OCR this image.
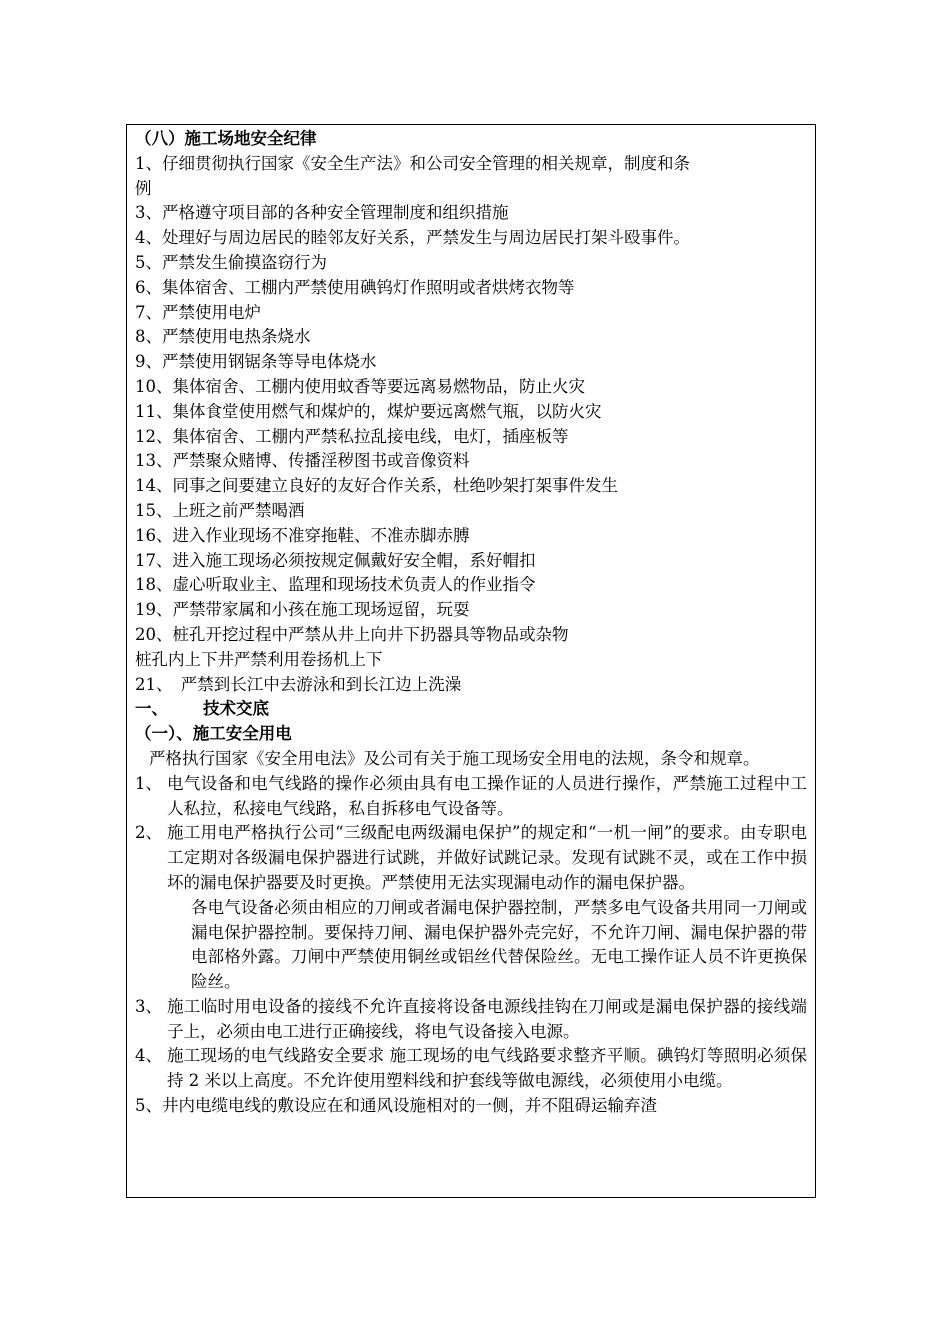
（八）施工场地安全纪律
1、仔细贯彻执行国家《安全生产法》和公司安全管理的相关规章，制度和条
例
3、严格遵守项目部的各种安全管理制度和组织措施
4、处理好与周边居民的睦邻友好关系，严禁发生与周边居民打架斗殴事件。
5、严禁发生偷摸盗窃行为
6、集体宿舍、工棚内严禁使用碘钨灯作照明或者烘烤衣物等
7、严禁使用电炉
8、严禁使用电热条烧水
9、严禁使用钢锯条等导电体烧水
10、集体宿舍、工棚内使用蚊香等要远离易燃物品，防止火灾
11、集体食堂使用燃气和煤炉的，煤炉要远离燃气瓶，以防火灾
12、集体宿舍、工棚内严禁私拉乱接电线，电灯，插座板等
13、严禁聚众赌博、传播淫秽图书或音像资料
14、同事之间要建立良好的友好合作关系，杜绝吵架打架事件发生
15、上班之前严禁喝酒
16、进入作业现场不准穿拖鞋、不准赤脚赤膊
17、进入施工现场必须按规定佩戴好安全帽，系好帽扣
18、虚心听取业主、监理和现场技术负责人的作业指令
19、严禁带家属和小孩在施工现场逗留，玩耍
20、桩孔开挖过程中严禁从井上向井下扔器具等物品或杂物
桩孔内上下井严禁利用卷扬机上下
21、　严禁到长江中去游泳和到长江边上洗澡
一、 技术交底
（一）、施工安全用电
严格执行国家《安全用电法》及公司有关于施工现场安全用电的法规，条令和规章。
1、 电气设备和电气线路的操作必须由具有电工操作证的人员进行操作，严禁施工过程中工人私拉，私接电气线路，私自拆移电气设备等。
2、 施工用电严格执行公司“三级配电两级漏电保护”的规定和“一机一闸”的要求。由专职电工定期对各级漏电保护器进行试跳，并做好试跳记录。发现有试跳不灵，或在工作中损坏的漏电保护器要及时更换。严禁使用无法实现漏电动作的漏电保护器。
各电气设备必须由相应的刀闸或者漏电保护器控制，严禁多电气设备共用同一刀闸或漏电保护器控制。要保持刀闸、漏电保护器外壳完好，不允许刀闸、漏电保护器的带电部格外露。刀闸中严禁使用铜丝或铝丝代替保险丝。无电工操作证人员不许更换保险丝。
3、 施工临时用电设备的接线不允许直接将设备电源线挂钩在刀闸或是漏电保护器的接线端子上，必须由电工进行正确接线，将电气设备接入电源。
4、 施工现场的电气线路安全要求 施工现场的电气线路要求整齐平顺。碘钨灯等照明必须保持 2 米以上高度。不允许使用塑料线和护套线等做电源线，必须使用小电缆。
5、井内电缆电线的敷设应在和通风设施相对的一侧，并不阻碍运输弃渣
